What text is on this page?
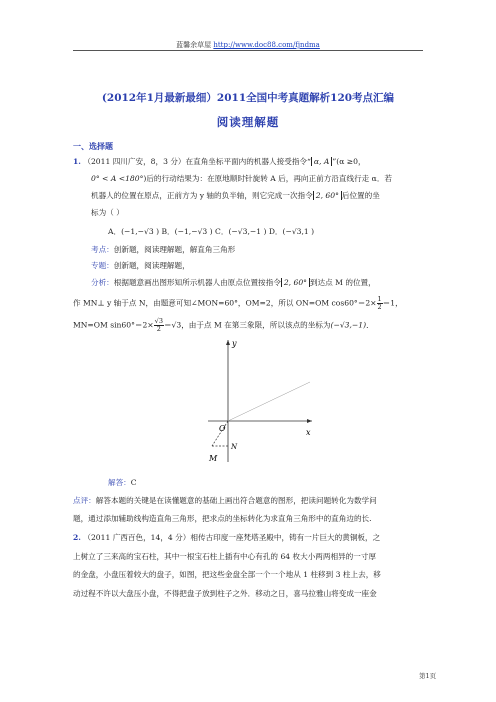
蓝馨余草屋 http://www.doc88.com/fjndma
(2012年1月最新最细）2011全国中考真题解析120考点汇编
阅读理解题
一、选择题
1. （2011 四川广安，8，3 分）在直角坐标平面内的机器人接受指令“ α, A ”(α ≥0，
0° < A <180°)后的行动结果为：在原地顺时针旋转 A 后，再向正前方沿直线行走 α．若
机器人的位置在原点，正前方为 y 轴的负半轴，则它完成一次指令 2, 60° 后位置的坐
标为（ ）
A．(−1,−√3 ) B．(−1,−√3 ) C．(−√3,−1 ) D．(−√3,1 )
考点：创新题，阅读理解题，解直角三角形
专题：创新题，阅读理解题，
分析：根据题意画出图形知所示机器人由原点位置按指令 2, 60° 到达点 M 的位置，
作 MN⊥ y 轴于点 N，由题意可知∠MON=60°，OM=2，所以 ON=OM $\cos 60^\circ=2\times \frac{1}{2} =1$，
MN=OM $\sin 60^\circ=2\times \frac{√3}{2} =√3$，由于点 M 在第三象限，所以该点的坐标为(−√3,−1)．
y
x
O
N
M
解答：C
点评：解答本题的关键是在读懂题意的基础上画出符合题意的图形，把读问题转化为数学问
题，通过添加辅助线构造直角三角形，把求点的坐标转化为求直角三角形中的直角边的长.
2. （2011 广西百色，14，4 分）相传古印度一座梵塔圣殿中，铸有一片巨大的黄铜板，之
上树立了三来高的宝石柱，其中一根宝石柱上插有中心有孔的 64 枚大小两两相异的一寸厚
的金盘，小盘压着较大的盘子，如图，把这些金盘全部一个一个地从 1 柱移到 3 柱上去，移
动过程不许以大盘压小盘，不得把盘子放到柱子之外．移动之日，喜马拉雅山将变成一座金
第1页
